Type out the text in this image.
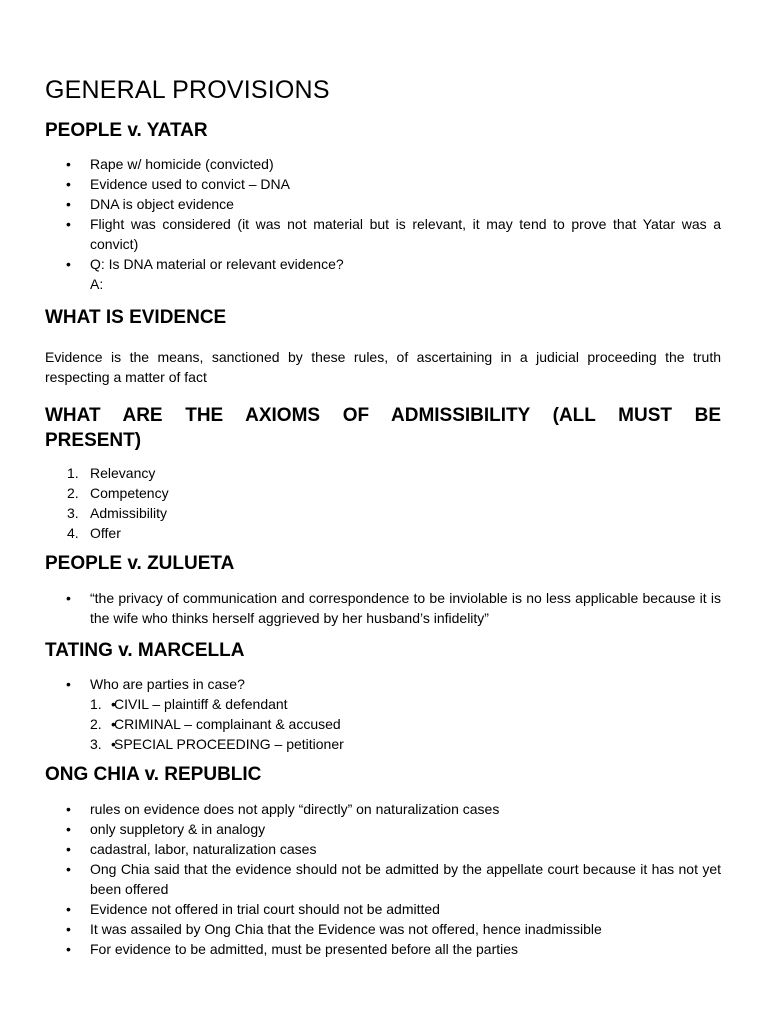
GENERAL PROVISIONS
PEOPLE v. YATAR
• Rape w/ homicide (convicted)
• Evidence used to convict – DNA
• DNA is object evidence
• Flight was considered (it was not material but is relevant, it may tend to prove that Yatar was a convict)
• Q: Is DNA material or relevant evidence?
A:
WHAT IS EVIDENCE

Evidence is the means, sanctioned by these rules, of ascertaining in a judicial proceeding the truth respecting a matter of fact

WHAT ARE THE AXIOMS OF ADMISSIBILITY (ALL MUST BE
PRESENT)
1. Relevancy
2. Competency
3. Admissibility
4. Offer
PEOPLE v. ZULUETA
• “the privacy of communication and correspondence to be inviolable is no less applicable because it is the wife who thinks herself aggrieved by her husband’s infidelity”
TATING v. MARCELLA
• Who are parties in case?
• 1. CIVIL – plaintiff & defendant
• 2. CRIMINAL – complainant & accused
• 3. SPECIAL PROCEEDING – petitioner
ONG CHIA v. REPUBLIC
• rules on evidence does not apply “directly” on naturalization cases
• only suppletory & in analogy
• cadastral, labor, naturalization cases
• Ong Chia said that the evidence should not be admitted by the appellate court because it has not yet been offered
• Evidence not offered in trial court should not be admitted
• It was assailed by Ong Chia that the Evidence was not offered, hence inadmissible
• For evidence to be admitted, must be presented before all the parties
